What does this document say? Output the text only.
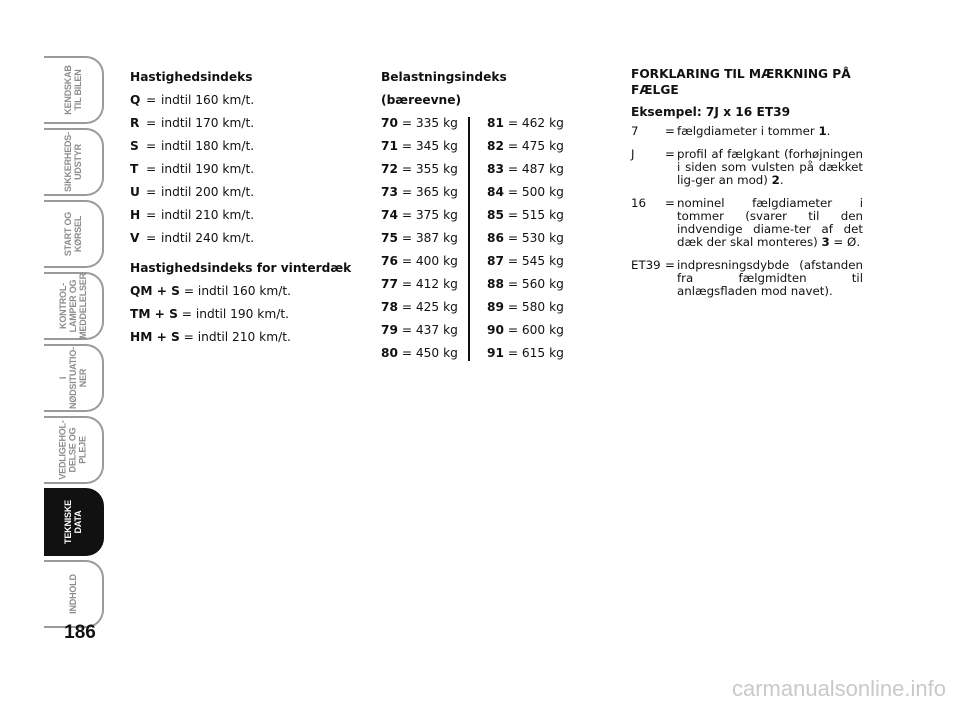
KENDSKAB
TIL BILEN
SIKKERHEDS-
UDSTYR
START OG
KØRSEL
KONTROL-
LAMPER OG
MEDDELELSER
I
NØDSITUATIO-
NER
VEDLIGEHOL-
DELSE OG PLEJE
TEKNISKE
DATA
INDHOLD
186
Hastighedsindeks
Q = indtil 160 km/t.
R = indtil 170 km/t.
S = indtil 180 km/t.
T = indtil 190 km/t.
U = indtil 200 km/t.
H = indtil 210 km/t.
V = indtil 240 km/t.
Hastighedsindeks for vinterdæk
QM + S = indtil 160 km/t.
TM + S = indtil 190 km/t.
HM + S = indtil 210 km/t.
Belastningsindeks (bæreevne)
70 = 335 kg
71 = 345 kg
72 = 355 kg
73 = 365 kg
74 = 375 kg
75 = 387 kg
76 = 400 kg
77 = 412 kg
78 = 425 kg
79 = 437 kg
80 = 450 kg
81 = 462 kg
82 = 475 kg
83 = 487 kg
84 = 500 kg
85 = 515 kg
86 = 530 kg
87 = 545 kg
88 = 560 kg
89 = 580 kg
90 = 600 kg
91 = 615 kg
FORKLARING TIL MÆRKNING PÅ FÆLGE
Eksempel: 7J x 16 ET39
7	= fælgdiameter i tommer 1.
J	= profil af fælgkant (forhøjningen i siden som vulsten på dækket lig-ger an mod) 2.
16	= nominel fælgdiameter i tommer (svarer til den indvendige diame-ter af det dæk der skal monteres) 3 = Ø.
ET39 = indpresningsdybde (afstanden fra fælgmidten til anlægsfladen mod navet).
carmanualsonline.info
